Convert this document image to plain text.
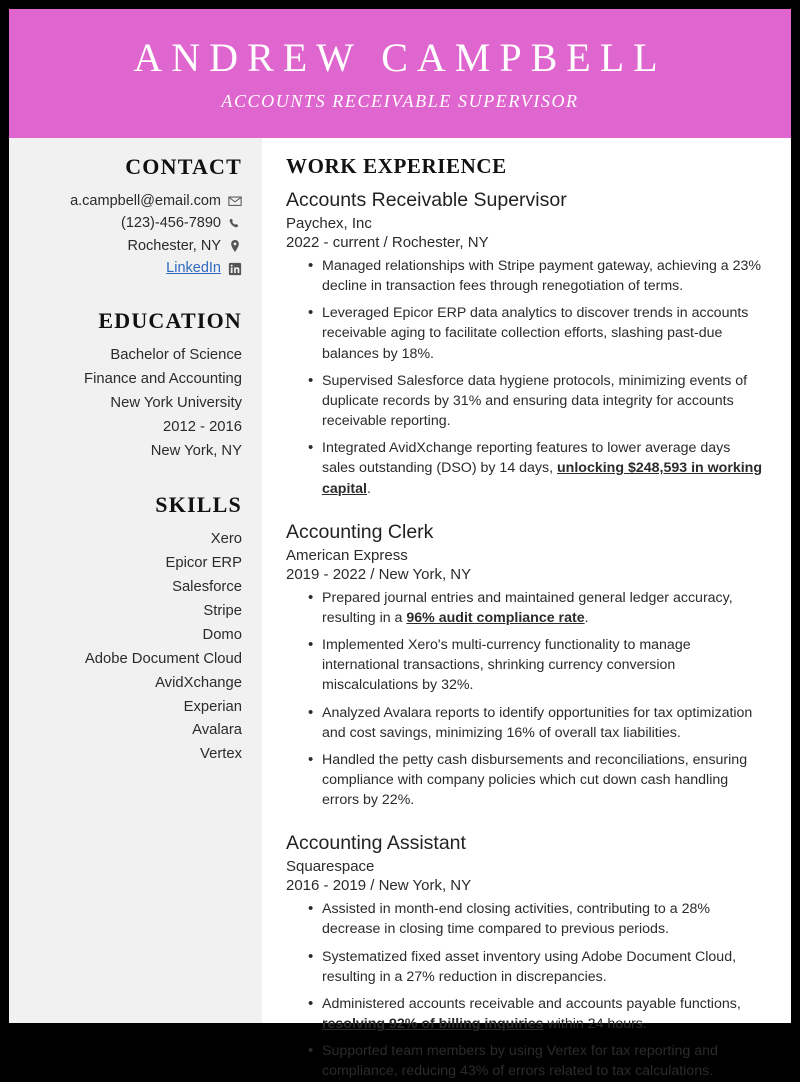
ANDREW CAMPBELL
ACCOUNTS RECEIVABLE SUPERVISOR
CONTACT
a.campbell@email.com
(123)-456-7890
Rochester, NY
LinkedIn
EDUCATION
Bachelor of Science
Finance and Accounting
New York University
2012 - 2016
New York, NY
SKILLS
Xero
Epicor ERP
Salesforce
Stripe
Domo
Adobe Document Cloud
AvidXchange
Experian
Avalara
Vertex
WORK EXPERIENCE
Accounts Receivable Supervisor
Paychex, Inc
2022 - current / Rochester, NY
• Managed relationships with Stripe payment gateway, achieving a 23% decline in transaction fees through renegotiation of terms.
• Leveraged Epicor ERP data analytics to discover trends in accounts receivable aging to facilitate collection efforts, slashing past-due balances by 18%.
• Supervised Salesforce data hygiene protocols, minimizing events of duplicate records by 31% and ensuring data integrity for accounts receivable reporting.
• Integrated AvidXchange reporting features to lower average days sales outstanding (DSO) by 14 days, unlocking $248,593 in working capital.
Accounting Clerk
American Express
2019 - 2022 / New York, NY
• Prepared journal entries and maintained general ledger accuracy, resulting in a 96% audit compliance rate.
• Implemented Xero's multi-currency functionality to manage international transactions, shrinking currency conversion miscalculations by 32%.
• Analyzed Avalara reports to identify opportunities for tax optimization and cost savings, minimizing 16% of overall tax liabilities.
• Handled the petty cash disbursements and reconciliations, ensuring compliance with company policies which cut down cash handling errors by 22%.
Accounting Assistant
Squarespace
2016 - 2019 / New York, NY
• Assisted in month-end closing activities, contributing to a 28% decrease in closing time compared to previous periods.
• Systematized fixed asset inventory using Adobe Document Cloud, resulting in a 27% reduction in discrepancies.
• Administered accounts receivable and accounts payable functions, resolving 92% of billing inquiries within 24 hours.
• Supported team members by using Vertex for tax reporting and compliance, reducing 43% of errors related to tax calculations.
